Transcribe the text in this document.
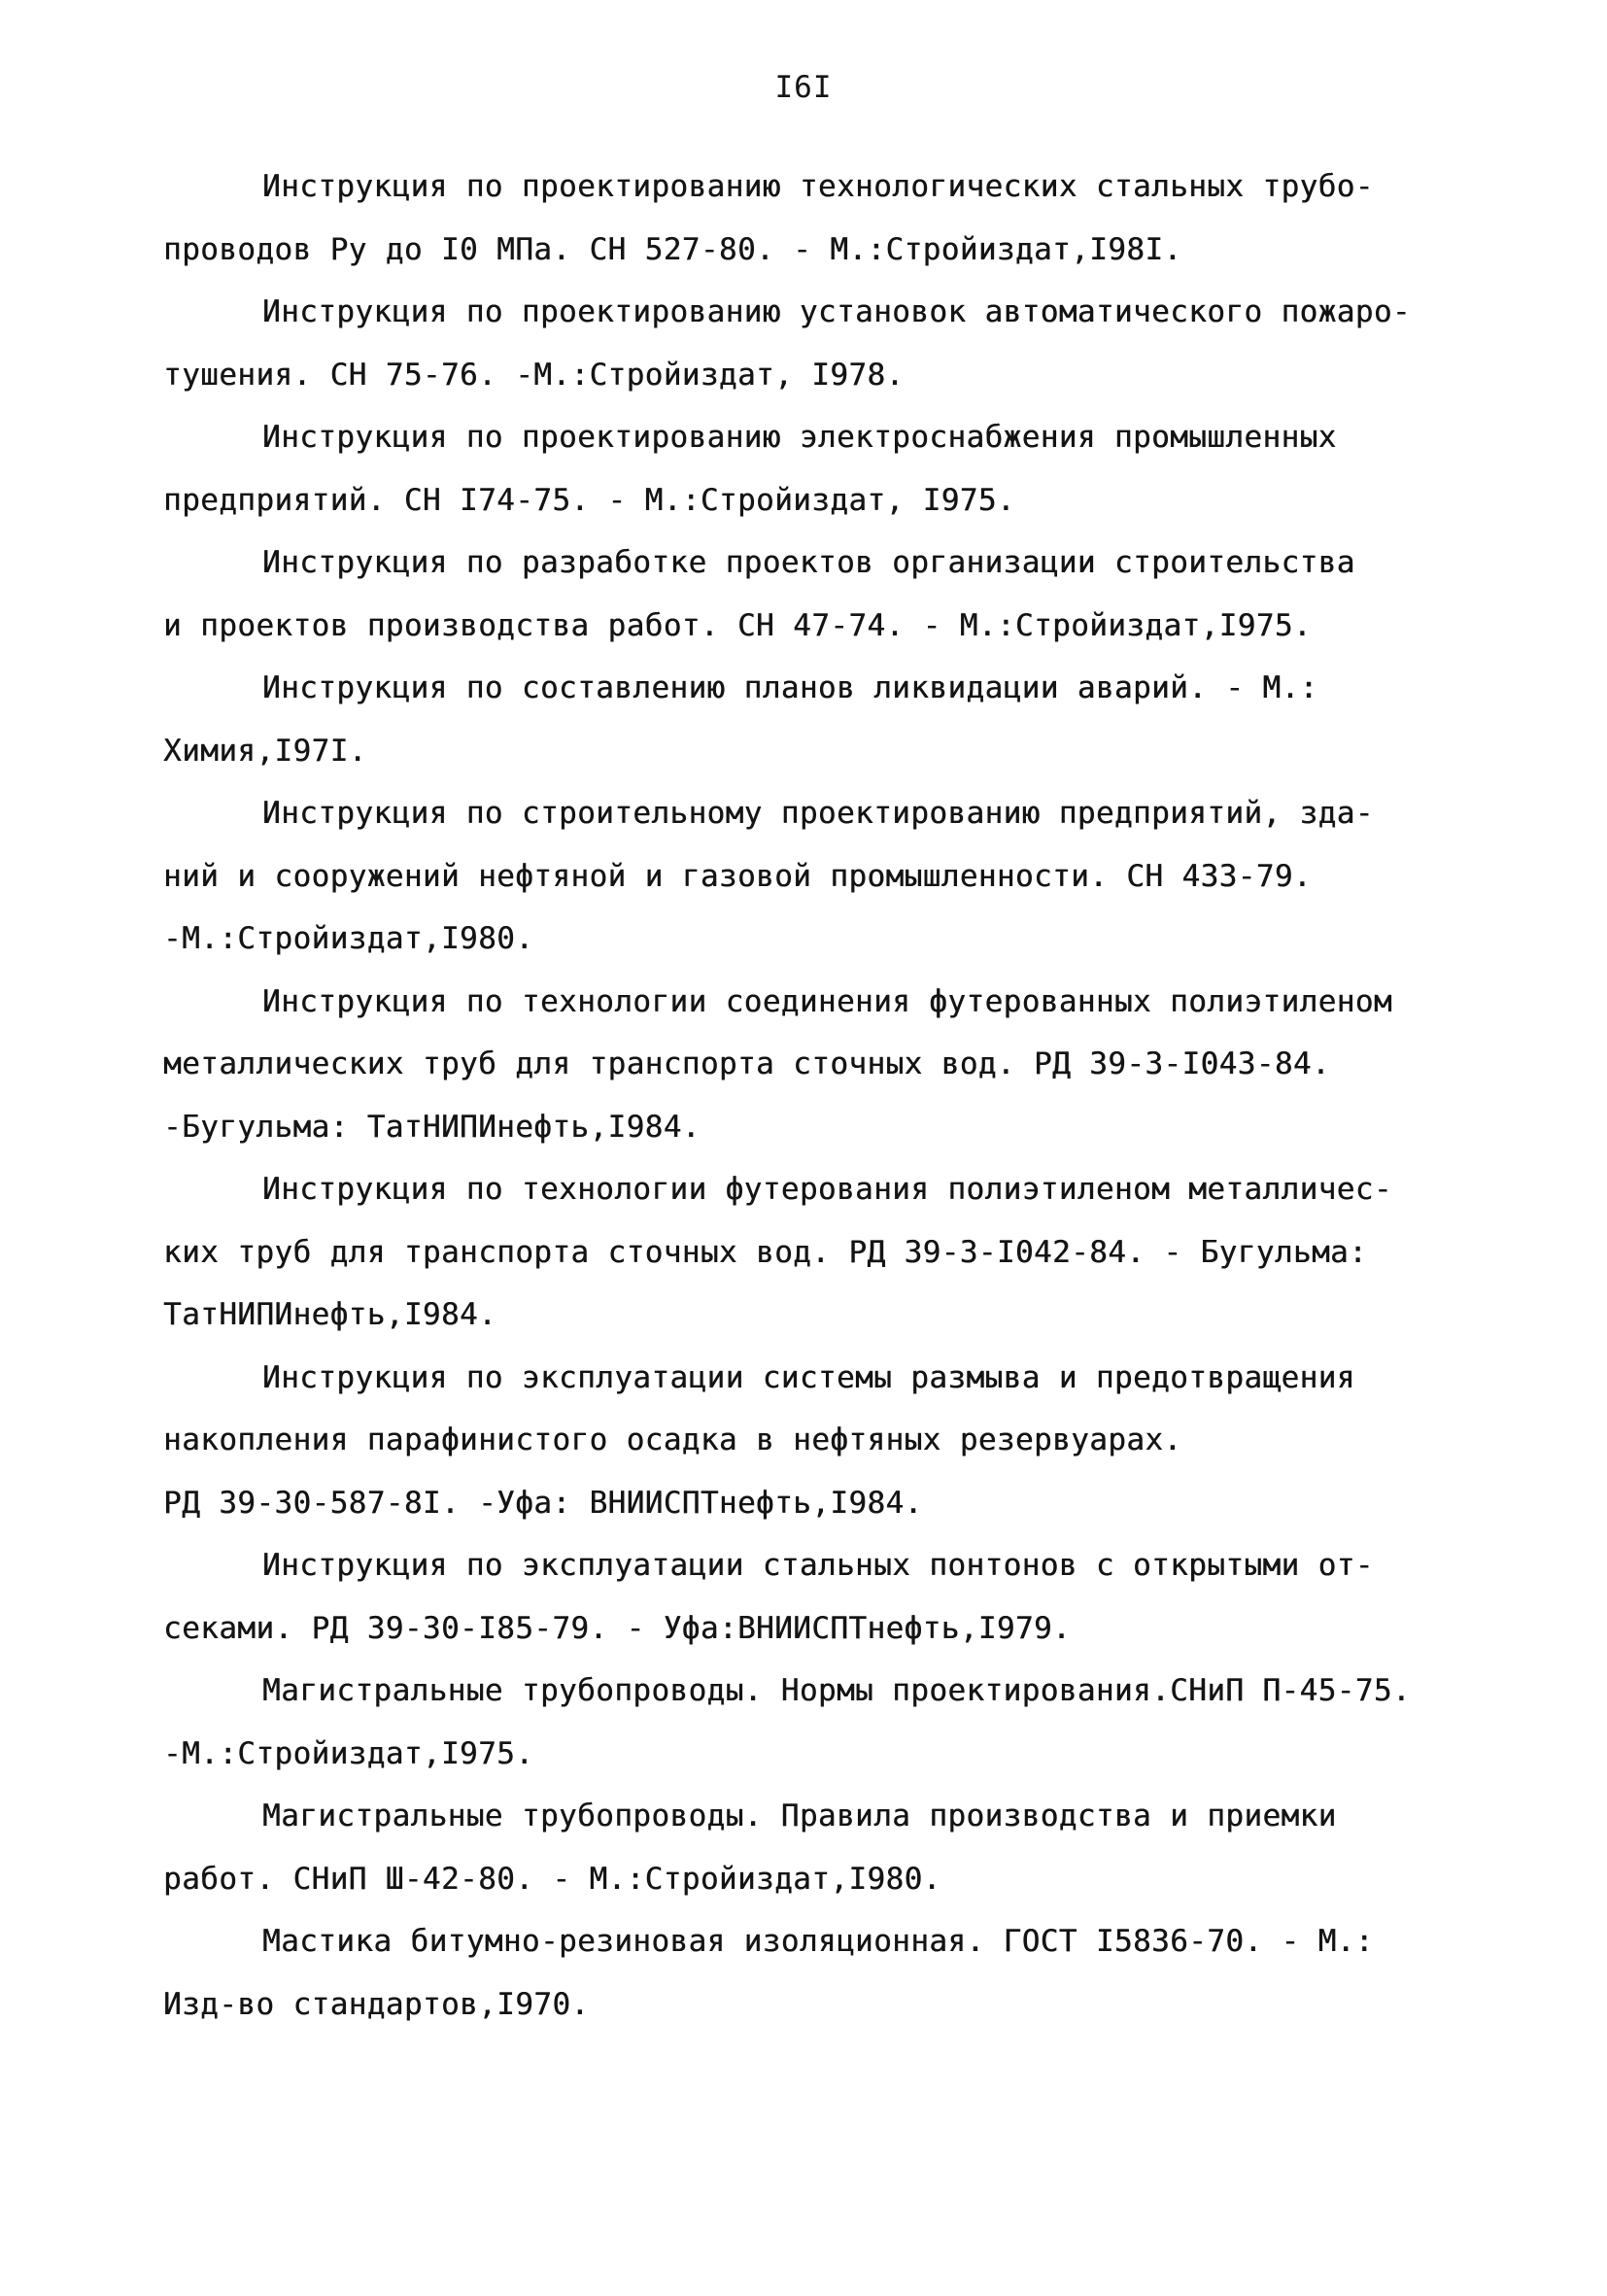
I6I
Инструкция по проектированию технологических стальных трубо-
проводов Ру до I0 МПа. СН 527-80. - М.:Стройиздат,I98I.
Инструкция по проектированию установок автоматического пожаро-
тушения. СН 75-76. -М.:Стройиздат, I978.
Инструкция по проектированию электроснабжения промышленных
предприятий. СН I74-75. - М.:Стройиздат, I975.
Инструкция по разработке проектов организации строительства
и проектов производства работ. СН 47-74. - М.:Стройиздат,I975.
Инструкция по составлению планов ликвидации аварий. - М.:
Химия,I97I.
Инструкция по строительному проектированию предприятий, зда-
ний и сооружений нефтяной и газовой промышленности. СН 433-79.
-М.:Стройиздат,I980.
Инструкция по технологии соединения футерованных полиэтиленом
металлических труб для транспорта сточных вод. РД 39-3-I043-84.
-Бугульма: ТатНИПИнефть,I984.
Инструкция по технологии футерования полиэтиленом металличес-
ких труб для транспорта сточных вод. РД 39-3-I042-84. - Бугульма:
ТатНИПИнефть,I984.
Инструкция по эксплуатации системы размыва и предотвращения
накопления парафинистого осадка в нефтяных резервуарах.
РД 39-30-587-8I. -Уфа: ВНИИСПТнефть,I984.
Инструкция по эксплуатации стальных понтонов с открытыми от-
секами. РД 39-30-I85-79. - Уфа:ВНИИСПТнефть,I979.
Магистральные трубопроводы. Нормы проектирования.СНиП П-45-75.
-М.:Стройиздат,I975.
Магистральные трубопроводы. Правила производства и приемки
работ. СНиП Ш-42-80. - М.:Стройиздат,I980.
Мастика битумно-резиновая изоляционная. ГОСТ I5836-70. - М.:
Изд-во стандартов,I970.
